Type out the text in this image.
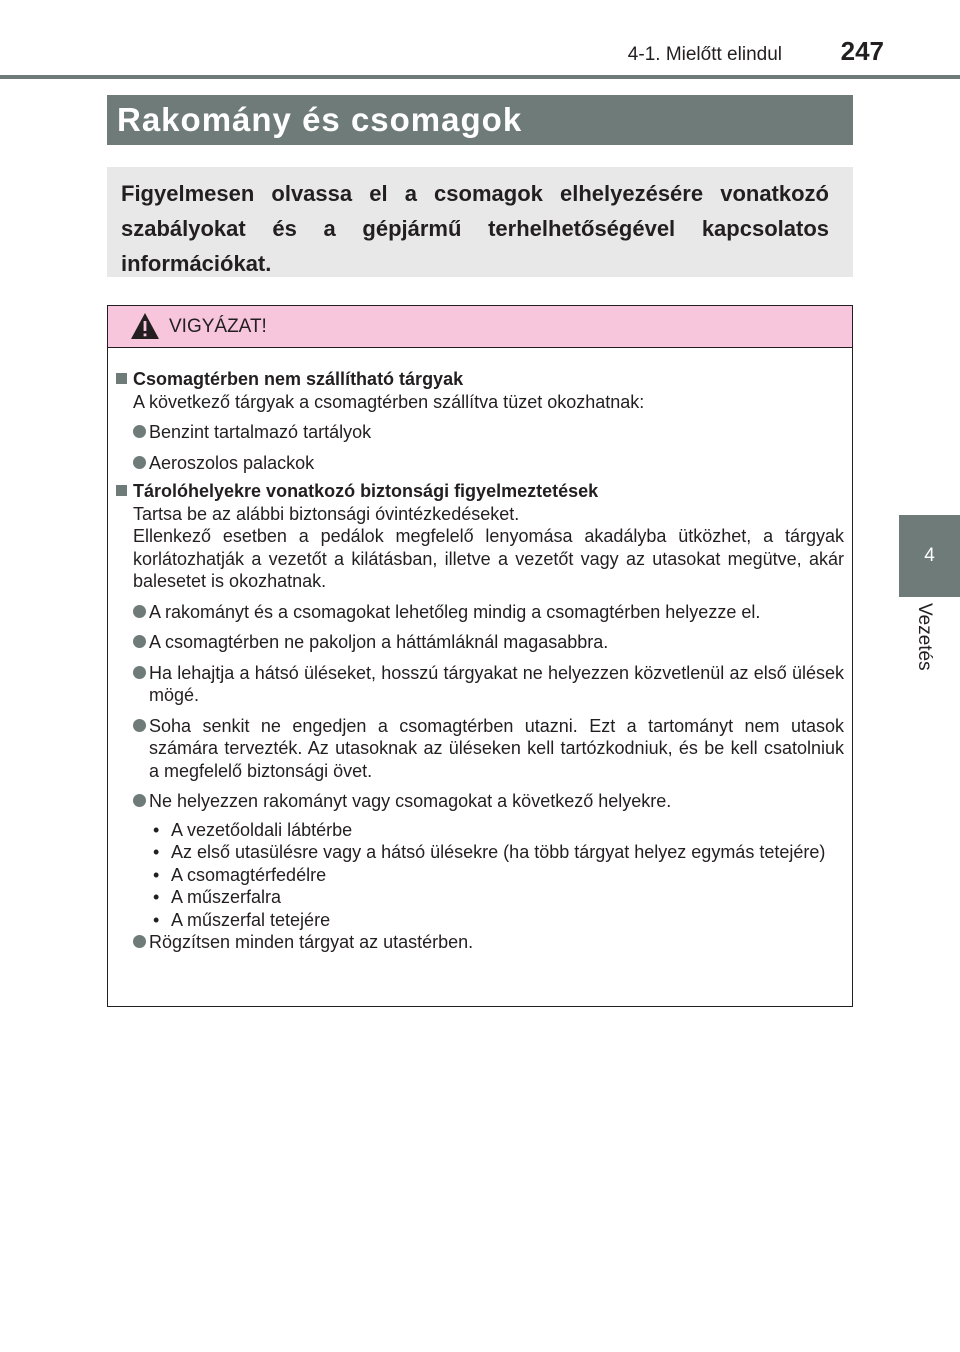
4-1. Mielőtt elindul 247
4
Vezetés
Rakomány és csomagok
Figyelmesen olvassa el a csomagok elhelyezésére vonatkozó szabályokat és a gépjármű terhelhetőségével kapcsolatos információkat.
VIGYÁZAT!
Csomagtérben nem szállítható tárgyak
A következő tárgyak a csomagtérben szállítva tüzet okozhatnak:
Benzint tartalmazó tartályok
Aeroszolos palackok
Tárolóhelyekre vonatkozó biztonsági figyelmeztetések
Tartsa be az alábbi biztonsági óvintézkedéseket.
Ellenkező esetben a pedálok megfelelő lenyomása akadályba ütközhet, a tárgyak korlátozhatják a vezetőt a kilátásban, illetve a vezetőt vagy az utasokat megütve, akár balesetet is okozhatnak.
A rakományt és a csomagokat lehetőleg mindig a csomagtérben helyezze el.
A csomagtérben ne pakoljon a háttámláknál magasabbra.
Ha lehajtja a hátsó üléseket, hosszú tárgyakat ne helyezzen közvetlenül az első ülések mögé.
Soha senkit ne engedjen a csomagtérben utazni. Ezt a tartományt nem utasok számára tervezték. Az utasoknak az üléseken kell tartózkodniuk, és be kell csatolniuk a megfelelő biztonsági övet.
Ne helyezzen rakományt vagy csomagokat a következő helyekre.
• A vezetőoldali lábtérbe
• Az első utasülésre vagy a hátsó ülésekre (ha több tárgyat helyez egymás tetejére)
• A csomagtérfedélre
• A műszerfalra
• A műszerfal tetejére
Rögzítsen minden tárgyat az utastérben.
